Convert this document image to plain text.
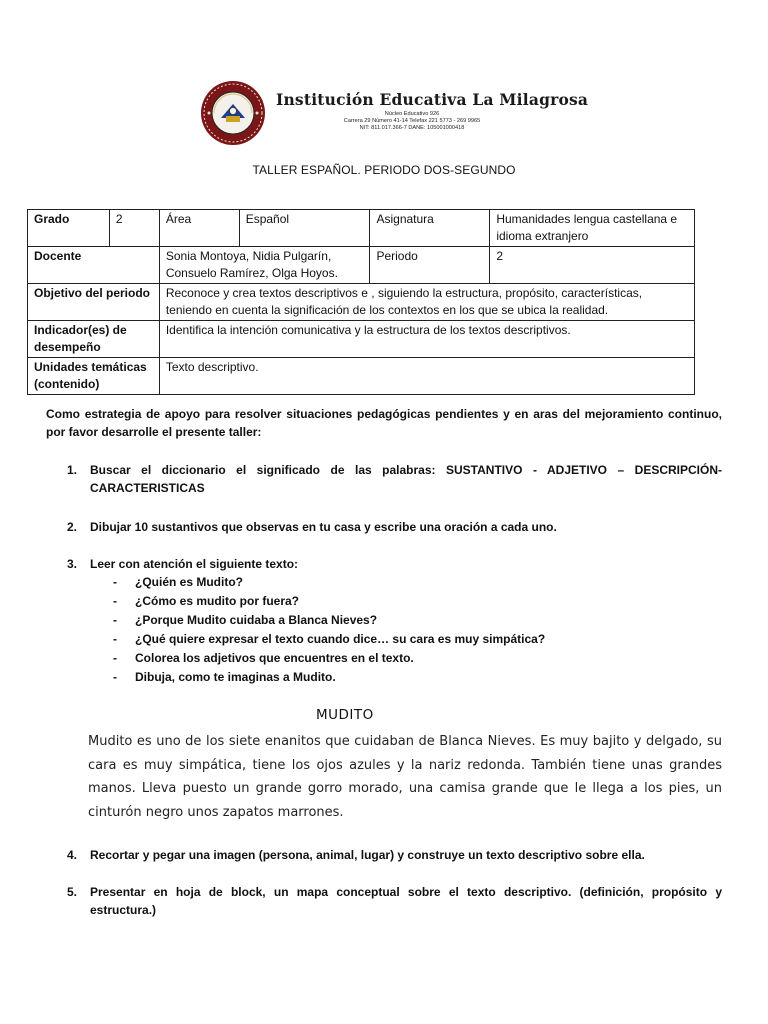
Institución Educativa La Milagrosa
Núcleo Educativo 926
Carrera 29 Número 41-14 Telefax 221 5773 - 269 9965
NIT: 811.017.366-7 DANE: 105001000418
TALLER ESPAÑOL. PERIODO DOS-SEGUNDO
Grado	2	Área	Español	Asignatura	Humanidades lengua castellana e idioma extranjero
Docente		Sonia Montoya, Nidia Pulgarín, Consuelo Ramírez, Olga Hoyos.		Periodo	2
Objetivo del periodo		Reconoce y crea textos descriptivos e , siguiendo la estructura, propósito, características, teniendo en cuenta la significación de los contextos en los que se ubica la realidad.			
Indicador(es) de desempeño		Identifica la intención comunicativa y la estructura de los textos descriptivos.			
Unidades temáticas (contenido)		Texto descriptivo.			
Como estrategia de apoyo para resolver situaciones pedagógicas pendientes y en aras del mejoramiento continuo, por favor desarrolle el presente taller:
1. Buscar el diccionario el significado de las palabras: SUSTANTIVO - ADJETIVO – DESCRIPCIÓN- CARACTERISTICAS
2. Dibujar 10 sustantivos que observas en tu casa y escribe una oración a cada uno.
3. Leer con atención el siguiente texto:
- ¿Quién es Mudito?
- ¿Cómo es mudito por fuera?
- ¿Porque Mudito cuidaba a Blanca Nieves?
- ¿Qué quiere expresar el texto cuando dice… su cara es muy simpática?
- Colorea los adjetivos que encuentres en el texto.
- Dibuja, como te imaginas a Mudito.
MUDITO
Mudito es uno de los siete enanitos que cuidaban de Blanca Nieves. Es muy bajito y delgado, su cara es muy simpática, tiene los ojos azules y la nariz redonda. También tiene unas grandes manos. Lleva puesto un grande gorro morado, una camisa grande que le llega a los pies, un cinturón negro unos zapatos marrones.
4. Recortar y pegar una imagen (persona, animal, lugar) y construye un texto descriptivo sobre ella.
5. Presentar en hoja de block, un mapa conceptual sobre el texto descriptivo. (definición, propósito y estructura.)
